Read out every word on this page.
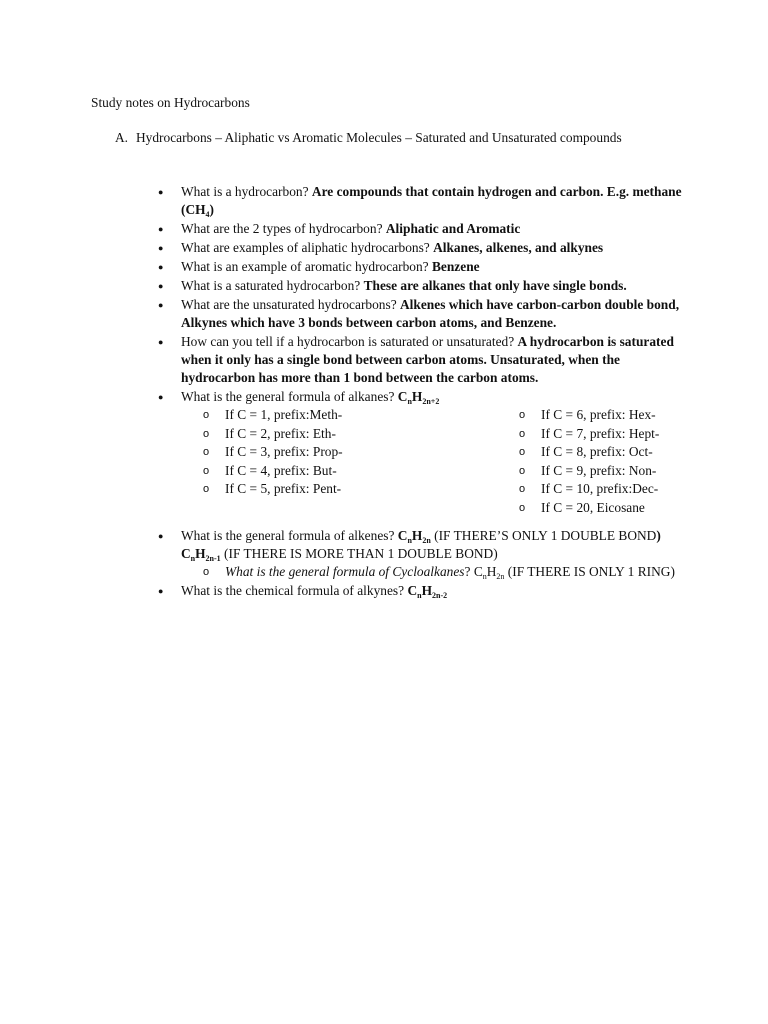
Study notes on Hydrocarbons
A. Hydrocarbons – Aliphatic vs Aromatic Molecules – Saturated and Unsaturated compounds
● What is a hydrocarbon? Are compounds that contain hydrogen and carbon. E.g. methane $(CH_4)$
● What are the 2 types of hydrocarbon? Aliphatic and Aromatic
● What are examples of aliphatic hydrocarbons? Alkanes, alkenes, and alkynes
● What is an example of aromatic hydrocarbon? Benzene
● What is a saturated hydrocarbon? These are alkanes that only have single bonds.
● What are the unsaturated hydrocarbons? Alkenes which have carbon-carbon double bond, Alkynes which have 3 bonds between carbon atoms, and Benzene.
● How can you tell if a hydrocarbon is saturated or unsaturated? A hydrocarbon is saturated when it only has a single bond between carbon atoms. Unsaturated, when the hydrocarbon has more than 1 bond between the carbon atoms.
● What is the general formula of alkanes? $C_nH_{2n+2}$
o If C = 1, prefix:Meth-
o If C = 2, prefix: Eth-
o If C = 3, prefix: Prop-
o If C = 4, prefix: But-
o If C = 5, prefix: Pent-
o If C = 6, prefix: Hex-
o If C = 7, prefix: Hept-
o If C = 8, prefix: Oct-
o If C = 9, prefix: Non-
o If C = 10, prefix:Dec-
o If C = 20, Eicosane
● What is the general formula of alkenes? $C_nH_{2n}$ (IF THERE’S ONLY 1 DOUBLE BOND) $C_nH_{2n-1}$ (IF THERE IS MORE THAN 1 DOUBLE BOND)
o What is the general formula of Cycloalkanes? $C_nH_{2n}$ (IF THERE IS ONLY 1 RING)
● What is the chemical formula of alkynes? $C_nH_{2n-2}$
